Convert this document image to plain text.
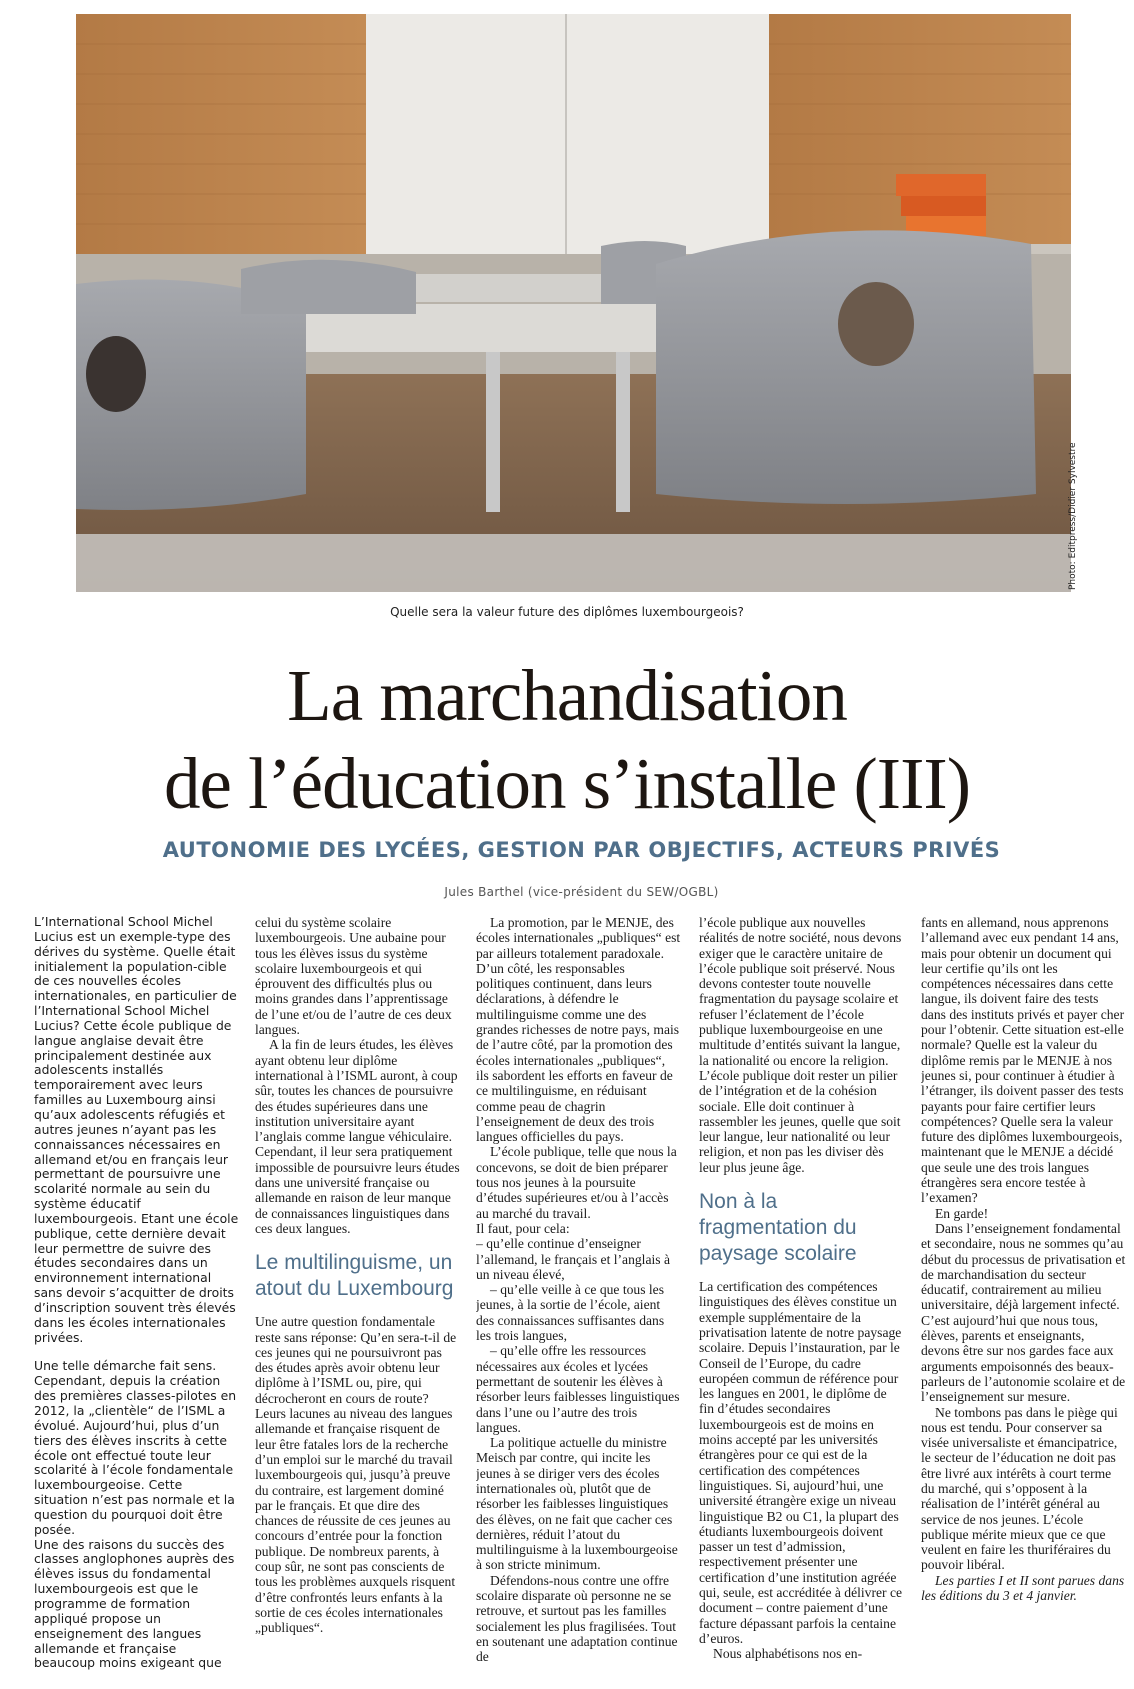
Photo: Editpress/Didier Sylvestre
Quelle sera la valeur future des diplômes luxembourgeois?
La marchandisation
de l’éducation s’installe (III)
AUTONOMIE DES LYCÉES, GESTION PAR OBJECTIFS, ACTEURS PRIVÉS
Jules Barthel (vice-président du SEW/OGBL)

L’International School Michel Lucius est un exemple-type des dérives du système. Quelle était initialement la population-cible de ces nouvelles écoles internationales, en particulier de l’International School Michel Lucius? Cette école publique de langue anglaise devait être principalement destinée aux adolescents installés temporairement avec leurs familles au Luxembourg ainsi qu’aux adolescents réfugiés et autres jeunes n’ayant pas les connaissances nécessaires en allemand et/ou en français leur permettant de poursuivre une scolarité normale au sein du système éducatif luxembourgeois. Etant une école publique, cette dernière devait leur permettre de suivre des études secondaires dans un environnement international sans devoir s’acquitter de droits d’inscription souvent très élevés dans les écoles internationales privées.

Une telle démarche fait sens.

Cependant, depuis la création des premières classes-pilotes en 2012, la „clientèle“ de l’ISML a évolué. Aujourd’hui, plus d’un tiers des élèves inscrits à cette école ont effectué toute leur scolarité à l’école fondamentale luxembourgeoise. Cette situation n’est pas normale et la question du pourquoi doit être posée.

Une des raisons du succès des classes anglophones auprès des élèves issus du fondamental luxembourgeois est que le programme de formation appliqué propose un enseignement des langues allemande et française beaucoup moins exigeant que

celui du système scolaire luxembourgeois. Une aubaine pour tous les élèves issus du système scolaire luxembourgeois et qui éprouvent des difficultés plus ou moins grandes dans l’apprentissage de l’une et/ou de l’autre de ces deux langues.

A la fin de leurs études, les élèves ayant obtenu leur diplôme international à l’ISML auront, à coup sûr, toutes les chances de poursuivre des études supérieures dans une institution universitaire ayant l’anglais comme langue véhiculaire. Cependant, il leur sera pratiquement impossible de poursuivre leurs études dans une université française ou allemande en raison de leur manque de connaissances linguistiques dans ces deux langues.

Le multilinguisme, un atout du Luxembourg

Une autre question fondamentale reste sans réponse: Qu’en sera-t-il de ces jeunes qui ne poursuivront pas des études après avoir obtenu leur diplôme à l’ISML ou, pire, qui décrocheront en cours de route? Leurs lacunes au niveau des langues allemande et française risquent de leur être fatales lors de la recherche d’un emploi sur le marché du travail luxembourgeois qui, jusqu’à preuve du contraire, est largement dominé par le français. Et que dire des chances de réussite de ces jeunes au concours d’entrée pour la fonction publique. De nombreux parents, à coup sûr, ne sont pas conscients de tous les problèmes auxquels risquent d’être confrontés leurs enfants à la sortie de ces écoles internationales „publiques“.

La promotion, par le MENJE, des écoles internationales „publiques“ est par ailleurs totalement paradoxale. D’un côté, les responsables politiques continuent, dans leurs déclarations, à défendre le multilinguisme comme une des grandes richesses de notre pays, mais de l’autre côté, par la promotion des écoles internationales „publiques“, ils sabordent les efforts en faveur de ce multilinguisme, en réduisant comme peau de chagrin l’enseignement de deux des trois langues officielles du pays.

L’école publique, telle que nous la concevons, se doit de bien préparer tous nos jeunes à la poursuite d’études supérieures et/ou à l’accès au marché du travail.

Il faut, pour cela:

– qu’elle continue d’enseigner l’allemand, le français et l’anglais à un niveau élevé,

– qu’elle veille à ce que tous les jeunes, à la sortie de l’école, aient des connaissances suffisantes dans les trois langues,

– qu’elle offre les ressources nécessaires aux écoles et lycées permettant de soutenir les élèves à résorber leurs faiblesses linguistiques dans l’une ou l’autre des trois langues.

La politique actuelle du ministre Meisch par contre, qui incite les jeunes à se diriger vers des écoles internationales où, plutôt que de résorber les faiblesses linguistiques des élèves, on ne fait que cacher ces dernières, réduit l’atout du multilinguisme à la luxembourgeoise à son stricte minimum.

Défendons-nous contre une offre scolaire disparate où personne ne se retrouve, et surtout pas les familles socialement les plus fragilisées. Tout en soutenant une adaptation continue de

l’école publique aux nouvelles réalités de notre société, nous devons exiger que le caractère unitaire de l’école publique soit préservé. Nous devons contester toute nouvelle fragmentation du paysage scolaire et refuser l’éclatement de l’école publique luxembourgeoise en une multitude d’entités suivant la langue, la nationalité ou encore la religion. L’école publique doit rester un pilier de l’intégration et de la cohésion sociale. Elle doit continuer à rassembler les jeunes, quelle que soit leur langue, leur nationalité ou leur religion, et non pas les diviser dès leur plus jeune âge.

Non à la fragmentation du paysage scolaire

La certification des compétences linguistiques des élèves constitue un exemple supplémentaire de la privatisation latente de notre paysage scolaire. Depuis l’instauration, par le Conseil de l’Europe, du cadre européen commun de référence pour les langues en 2001, le diplôme de fin d’études secondaires luxembourgeois est de moins en moins accepté par les universités étrangères pour ce qui est de la certification des compétences linguistiques. Si, aujourd’hui, une université étrangère exige un niveau linguistique B2 ou C1, la plupart des étudiants luxembourgeois doivent passer un test d’admission, respectivement présenter une certification d’une institution agréée qui, seule, est accréditée à délivrer ce document – contre paiement d’une facture dépassant parfois la centaine d’euros.

Nous alphabétisons nos en-

fants en allemand, nous apprenons l’allemand avec eux pendant 14 ans, mais pour obtenir un document qui leur certifie qu’ils ont les compétences nécessaires dans cette langue, ils doivent faire des tests dans des instituts privés et payer cher pour l’obtenir. Cette situation est-elle normale? Quelle est la valeur du diplôme remis par le MENJE à nos jeunes si, pour continuer à étudier à l’étranger, ils doivent passer des tests payants pour faire certifier leurs compétences? Quelle sera la valeur future des diplômes luxembourgeois, maintenant que le MENJE a décidé que seule une des trois langues étrangères sera encore testée à l’examen?

En garde!

Dans l’enseignement fondamental et secondaire, nous ne sommes qu’au début du processus de privatisation et de marchandisation du secteur éducatif, contrairement au milieu universitaire, déjà largement infecté. C’est aujourd’hui que nous tous, élèves, parents et enseignants, devons être sur nos gardes face aux arguments empoisonnés des beaux-parleurs de l’autonomie scolaire et de l’enseignement sur mesure.

Ne tombons pas dans le piège qui nous est tendu. Pour conserver sa visée universaliste et émancipatrice, le secteur de l’éducation ne doit pas être livré aux intérêts à court terme du marché, qui s’opposent à la réalisation de l’intérêt général au service de nos jeunes. L’école publique mérite mieux que ce que veulent en faire les thuriféraires du pouvoir libéral.

Les parties I et II sont parues dans les éditions du 3 et 4 janvier.
